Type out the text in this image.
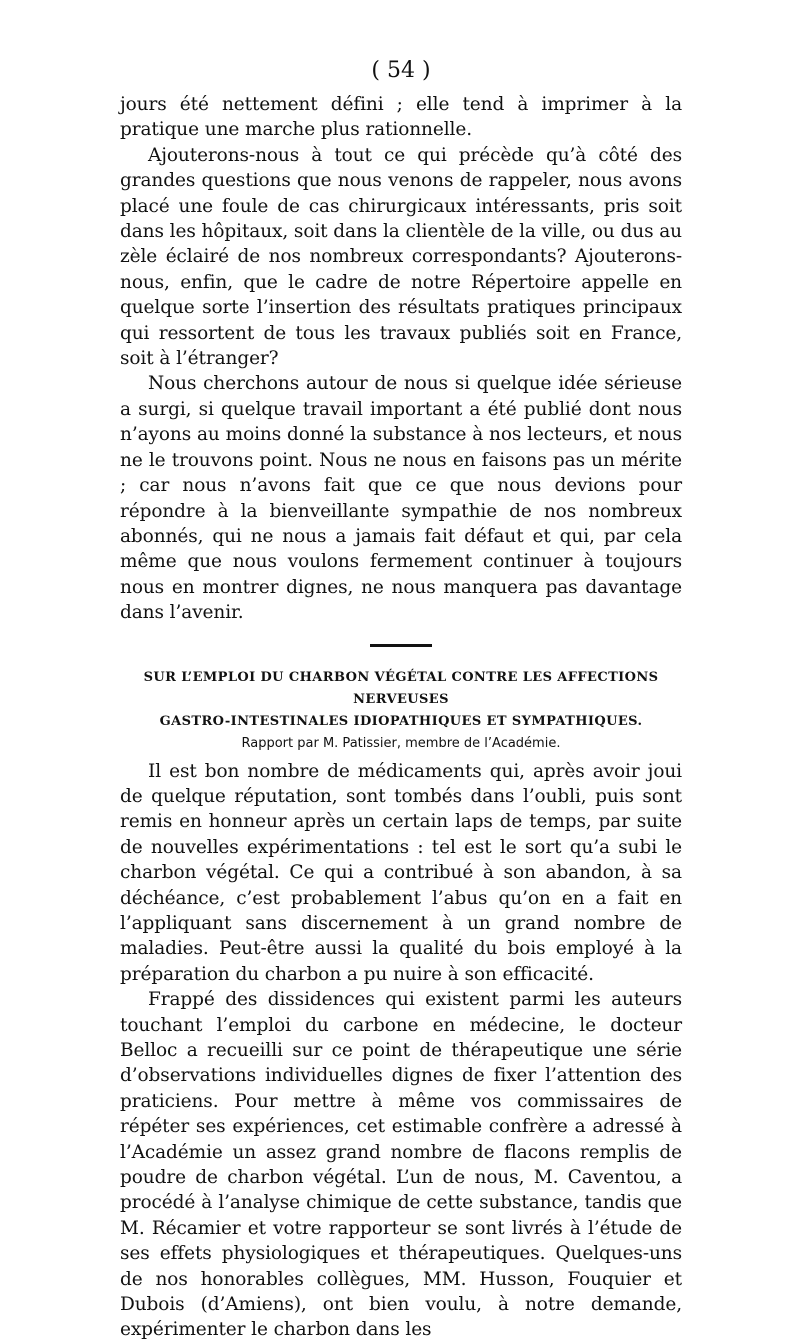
( 54 )

jours été nettement défini ; elle tend à imprimer à la pratique une marche plus rationnelle.

Ajouterons-nous à tout ce qui précède qu’à côté des grandes questions que nous venons de rappeler, nous avons placé une foule de cas chirurgicaux intéressants, pris soit dans les hôpitaux, soit dans la clientèle de la ville, ou dus au zèle éclairé de nos nombreux correspondants? Ajouterons-nous, enfin, que le cadre de notre Répertoire appelle en quelque sorte l’insertion des résultats pratiques principaux qui ressortent de tous les travaux publiés soit en France, soit à l’étranger?

Nous cherchons autour de nous si quelque idée sérieuse a surgi, si quelque travail important a été publié dont nous n’ayons au moins donné la substance à nos lecteurs, et nous ne le trouvons point. Nous ne nous en faisons pas un mérite ; car nous n’avons fait que ce que nous devions pour répondre à la bienveillante sympathie de nos nombreux abonnés, qui ne nous a jamais fait défaut et qui, par cela même que nous voulons fermement continuer à toujours nous en montrer dignes, ne nous manquera pas davantage dans l’avenir.

SUR L’EMPLOI DU CHARBON VÉGÉTAL CONTRE LES AFFECTIONS NERVEUSES

GASTRO-INTESTINALES IDIOPATHIQUES ET SYMPATHIQUES.

Rapport par M. Patissier, membre de l’Académie.

Il est bon nombre de médicaments qui, après avoir joui de quelque réputation, sont tombés dans l’oubli, puis sont remis en honneur après un certain laps de temps, par suite de nouvelles expérimentations : tel est le sort qu’a subi le charbon végétal. Ce qui a contribué à son abandon, à sa déchéance, c’est probablement l’abus qu’on en a fait en l’appliquant sans discernement à un grand nombre de maladies. Peut-être aussi la qualité du bois employé à la préparation du charbon a pu nuire à son efficacité.

Frappé des dissidences qui existent parmi les auteurs touchant l’emploi du carbone en médecine, le docteur Belloc a recueilli sur ce point de thérapeutique une série d’observations individuelles dignes de fixer l’attention des praticiens. Pour mettre à même vos commissaires de répéter ses expériences, cet estimable confrère a adressé à l’Académie un assez grand nombre de flacons remplis de poudre de charbon végétal. L’un de nous, M. Caventou, a procédé à l’analyse chimique de cette substance, tandis que M. Récamier et votre rapporteur se sont livrés à l’étude de ses effets physiologiques et thérapeutiques. Quelques-uns de nos honorables collègues, MM. Husson, Fouquier et Dubois (d’Amiens), ont bien voulu, à notre demande, expérimenter le charbon dans les
